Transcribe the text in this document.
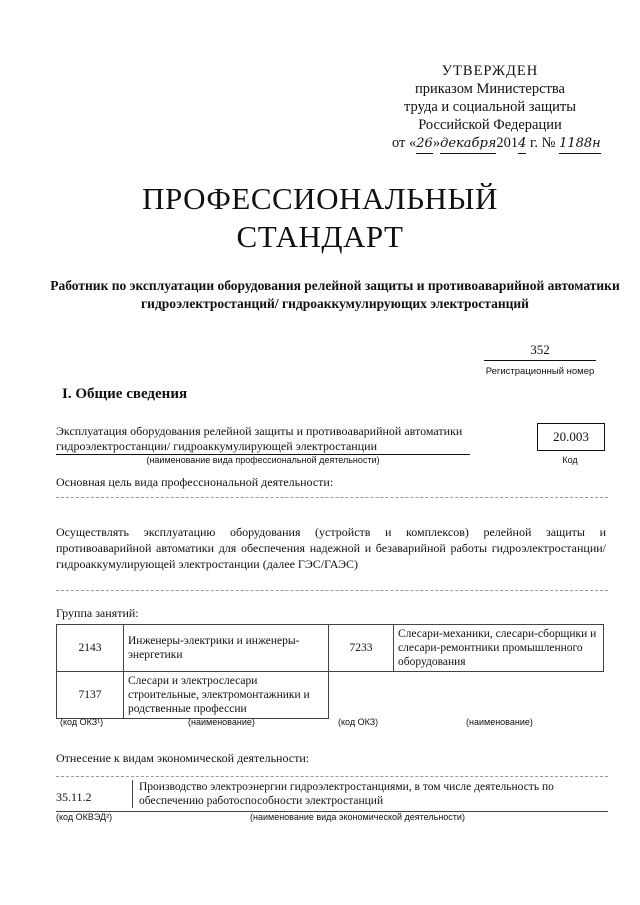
УТВЕРЖДЕН
приказом Министерства
труда и социальной защиты
Российской Федерации
от «26»декабря2014 г. № 1188н
ПРОФЕССИОНАЛЬНЫЙ
СТАНДАРТ
Работник по эксплуатации оборудования релейной защиты и противоаварийной автоматики гидроэлектростанций/ гидроаккумулирующих электростанций
352
Регистрационный номер
I. Общие сведения
Эксплуатация оборудования релейной защиты и противоаварийной автоматики гидроэлектростанции/ гидроаккумулирующей электростанции
(наименование вида профессиональной деятельности)
20.003
Код
Основная цель вида профессиональной деятельности:
Осуществлять эксплуатацию оборудования (устройств и комплексов) релейной защиты и противоаварийной автоматики для обеспечения надежной и безаварийной работы гидроэлектростанции/ гидроаккумулирующей электростанции (далее ГЭС/ГАЭС)
Группа занятий:
2143	Инженеры-электрики и инженеры-энергетики	7233	Слесари-механики, слесари-сборщики и слесари-ремонтники промышленного оборудования
7137	Слесари и электрослесари строительные, электромонтажники и родственные профессии		
(код ОКЗ¹)	(наименование)	(код ОКЗ)	(наименование)
Отнесение к видам экономической деятельности:
35.11.2
Производство электроэнергии гидроэлектростанциями, в том числе деятельность по обеспечению работоспособности электростанций
(код ОКВЭД²)	(наименование вида экономической деятельности)
